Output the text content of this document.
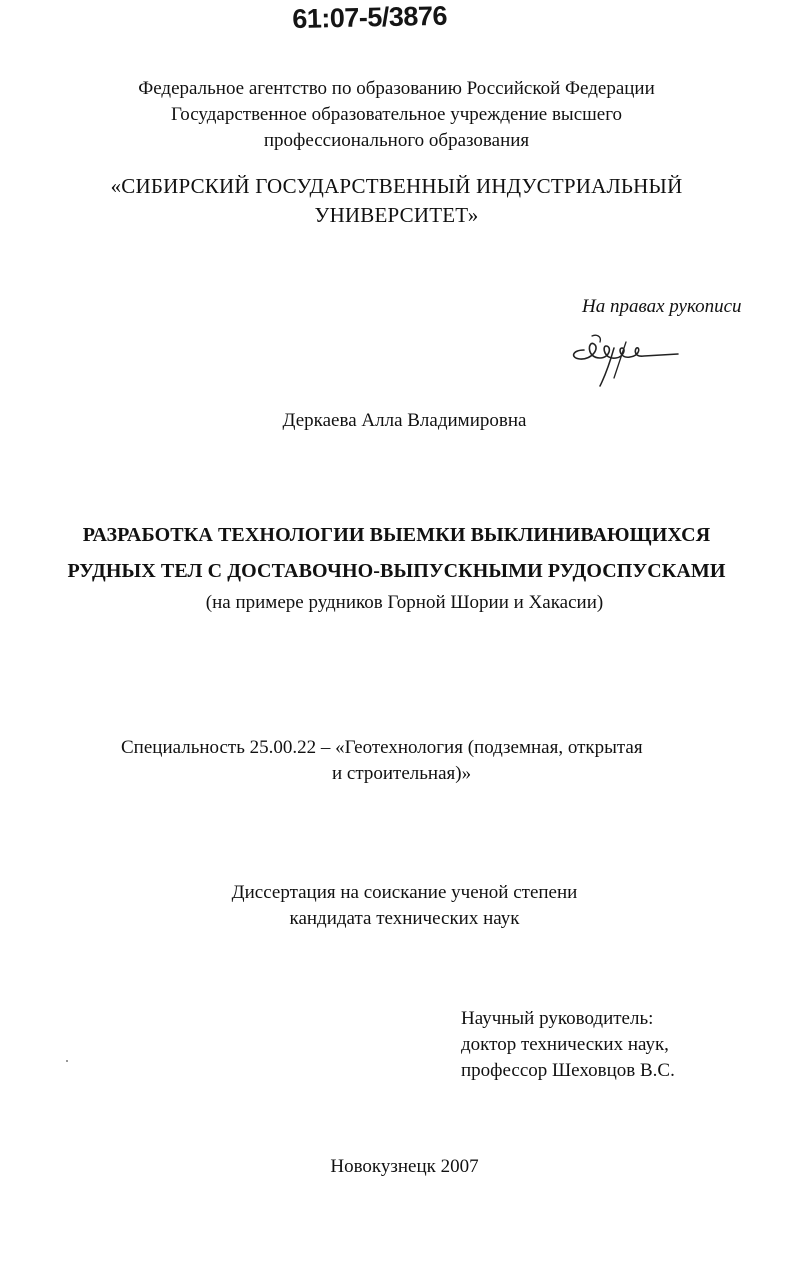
61:07-5/3876
Федеральное агентство по образованию Российской Федерации
Государственное образовательное учреждение высшего
профессионального образования
«СИБИРСКИЙ ГОСУДАРСТВЕННЫЙ ИНДУСТРИАЛЬНЫЙ
УНИВЕРСИТЕТ»
На правах рукописи
Деркаева Алла Владимировна
РАЗРАБОТКА ТЕХНОЛОГИИ ВЫЕМКИ ВЫКЛИНИВАЮЩИХСЯ
РУДНЫХ ТЕЛ С ДОСТАВОЧНО-ВЫПУСКНЫМИ РУДОСПУСКАМИ
(на примере рудников Горной Шории и Хакасии)
Специальность 25.00.22 – «Геотехнология (подземная, открытая
и строительная)»
Диссертация на соискание ученой степени
кандидата технических наук
Научный руководитель:
доктор технических наук,
профессор Шеховцов В.С.
Новокузнецк 2007
